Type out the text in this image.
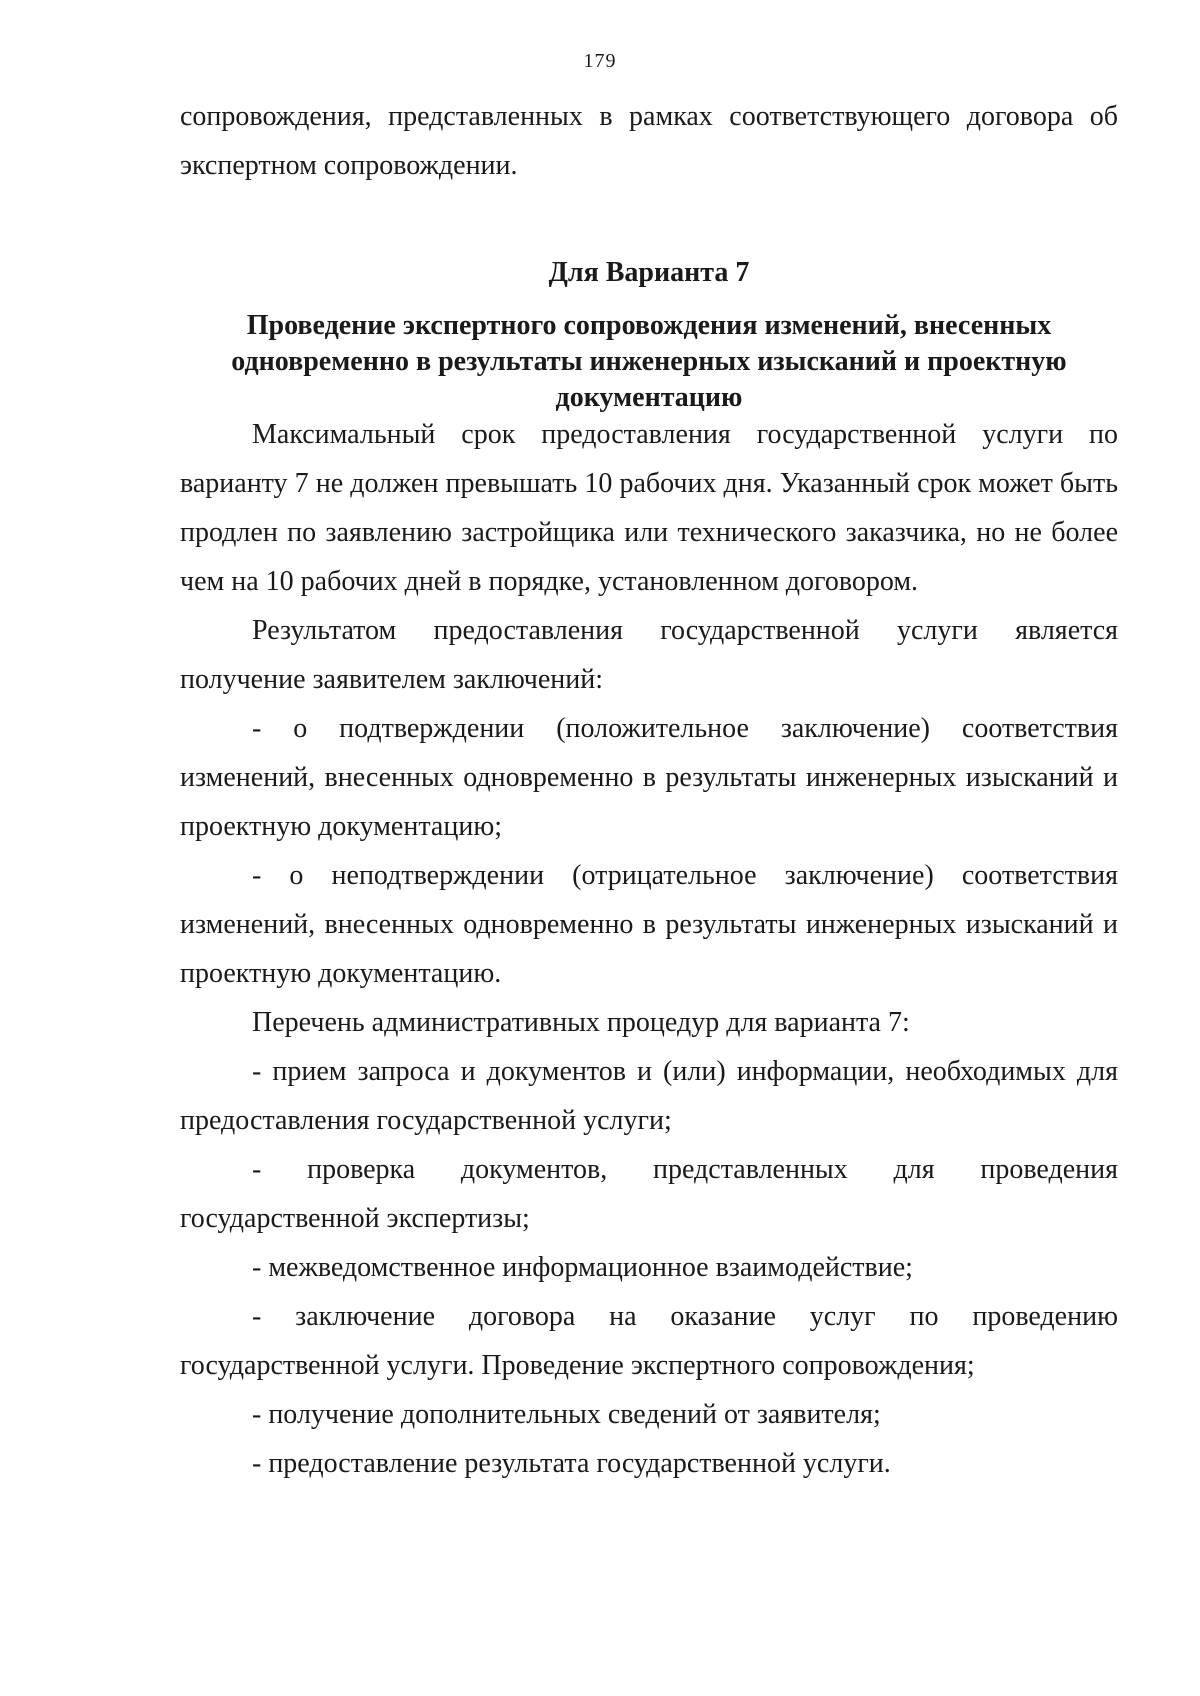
179

сопровождения, представленных в рамках соответствующего договора об экспертном сопровождении.

Для Варианта 7
Проведение экспертного сопровождения изменений, внесенных одновременно в результаты инженерных изысканий и проектную документацию

Максимальный срок предоставления государственной услуги по варианту 7 не должен превышать 10 рабочих дня. Указанный срок может быть продлен по заявлению застройщика или технического заказчика, но не более чем на 10 рабочих дней в порядке, установленном договором.

Результатом предоставления государственной услуги является получение заявителем заключений:

- о подтверждении (положительное заключение) соответствия изменений, внесенных одновременно в результаты инженерных изысканий и проектную документацию;

- о неподтверждении (отрицательное заключение) соответствия изменений, внесенных одновременно в результаты инженерных изысканий и проектную документацию.

Перечень административных процедур для варианта 7:

- прием запроса и документов и (или) информации, необходимых для предоставления государственной услуги;

- проверка документов, представленных для проведения государственной экспертизы;

- межведомственное информационное взаимодействие;

- заключение договора на оказание услуг по проведению государственной услуги. Проведение экспертного сопровождения;

- получение дополнительных сведений от заявителя;

- предоставление результата государственной услуги.
